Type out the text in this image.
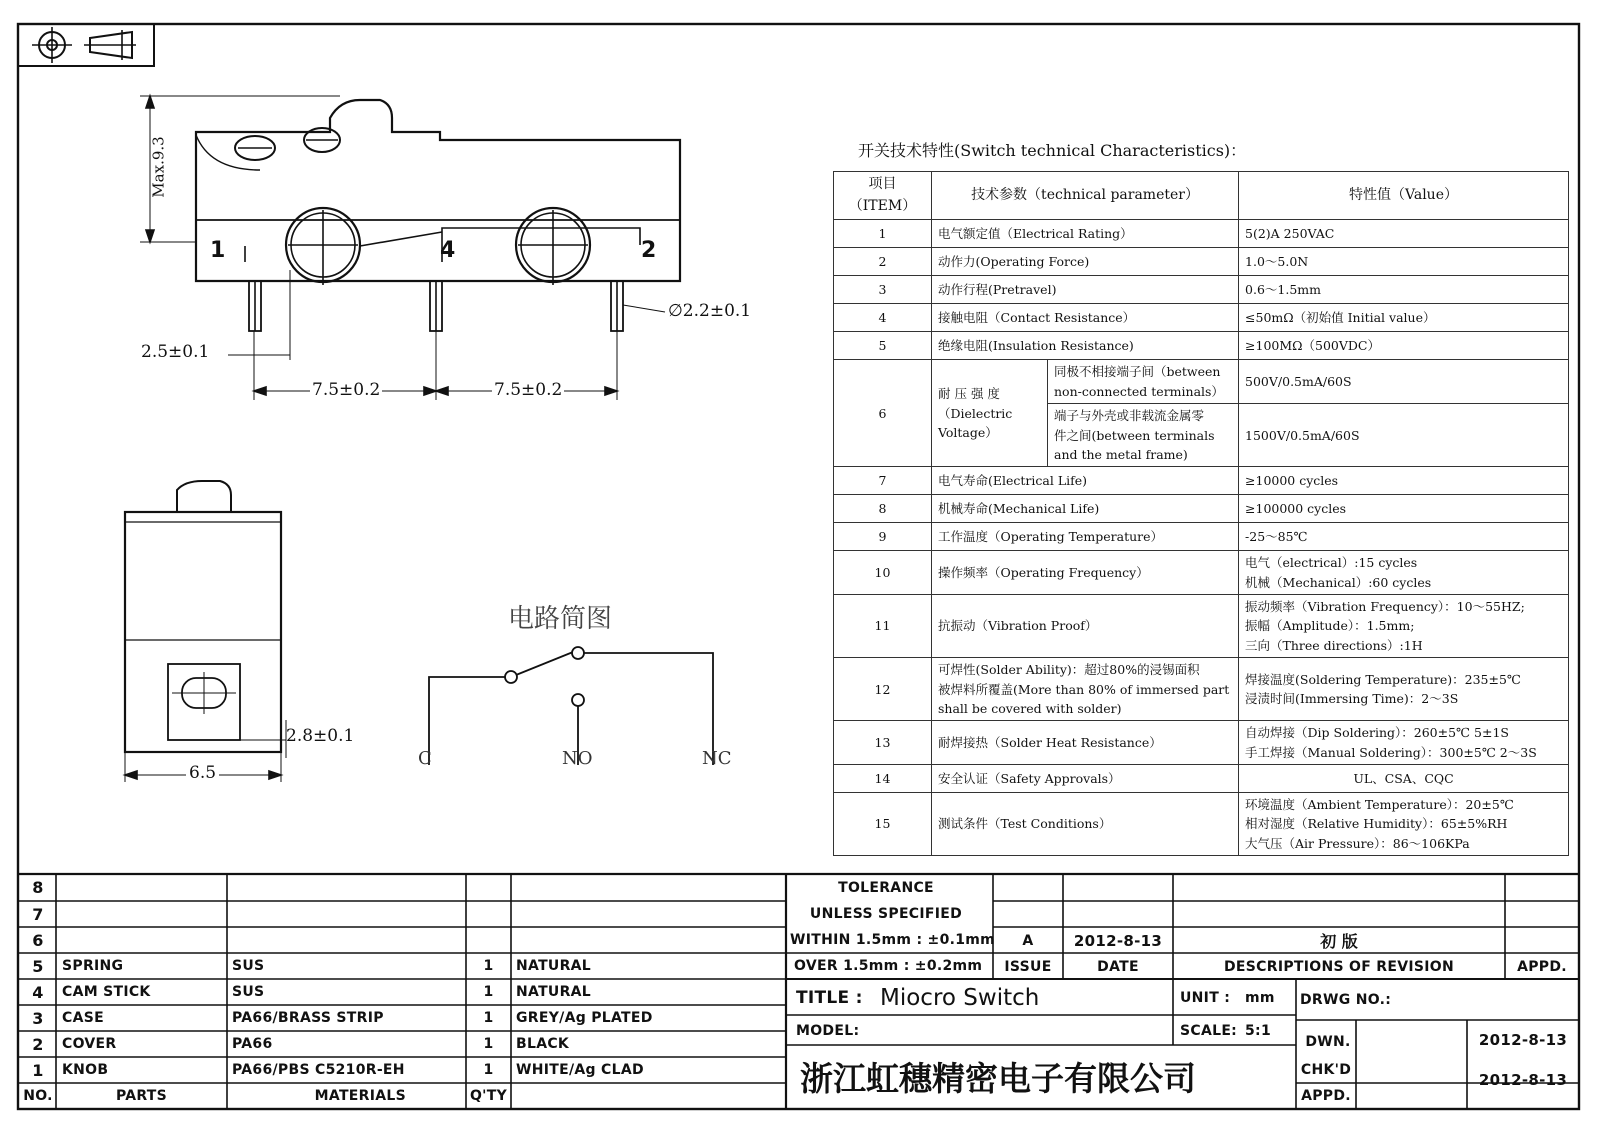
1	4	2
Max.9.3
2.5±0.1
7.5±0.2	7.5±0.2
∅2.2±0.1
2.8±0.1
6.5
电路简图
C	NO	NC
开关技术特性(Switch technical Characteristics)：
项目
（ITEM）	技术参数（technical parameter）		特性值（Value）
1	电气额定值（Electrical Rating）		5(2)A 250VAC

2	动作力(Operating Force)		1.0～5.0N

3	动作行程(Pretravel)		0.6～1.5mm

4	接触电阻（Contact Resistance）		≤50mΩ（初始值 Initial value）

5	绝缘电阻(Insulation Resistance)		≥100MΩ（500VDC）

6	耐 压 强 度
（Dielectric
Voltage）	同极不相接端子间（between
non-connected terminals）	500V/0.5mA/60S

		端子与外壳或非载流金属零
件之间(between terminals
and the metal frame)	1500V/0.5mA/60S
7	电气寿命(Electrical Life)		≥10000 cycles

8	机械寿命(Mechanical Life)		≥100000 cycles

9	工作温度（Operating Temperature）		-25～85℃

10	操作频率（Operating Frequency）		电气（electrical）:15 cycles
机械（Mechanical）:60 cycles

11	抗振动（Vibration Proof）		振动频率（Vibration Frequency）：10～55HZ;
振幅（Amplitude）：1.5mm;
三向（Three directions）:1H

12	可焊性(Solder Ability)：超过80%的浸锡面积
被焊料所覆盖(More than 80% of immersed part
shall be covered with solder)		焊接温度(Soldering Temperature)：235±5℃
浸渍时间(Immersing Time)：2～3S

13	耐焊接热（Solder Heat Resistance）		自动焊接（Dip Soldering）：260±5℃ 5±1S
手工焊接（Manual Soldering）：300±5℃ 2～3S

14	安全认证（Safety Approvals）		UL、CSA、CQC

15	测试条件（Test Conditions）		环境温度（Ambient Temperature）：20±5℃
相对湿度（Relative Humidity）：65±5%RH
大气压（Air Pressure）：86～106KPa
8
7
6
5	SPRING	SUS	1	NATURAL
4	CAM STICK	SUS	1	NATURAL
3	CASE	PA66/BRASS STRIP	1	GREY/Ag PLATED
2	COVER	PA66	1	BLACK
1	KNOB	PA66/PBS C5210R-EH	1	WHITE/Ag CLAD
NO.	PARTS	MATERIALS	Q'TY
TOLERANCE
UNLESS SPECIFIED
WITHIN 1.5mm : ±0.1mm
OVER 1.5mm : ±0.2mm
A	2012-8-13	初 版
ISSUE	DATE	DESCRIPTIONS OF REVISION	APPD.
TITLE : Miocro Switch	UNIT : mm DRWG NO.:
MODEL:	SCALE: 5:1
DWN.	2012-8-13
CHK'D
2012-8-13
APPD.
浙江虹穗精密电子有限公司
